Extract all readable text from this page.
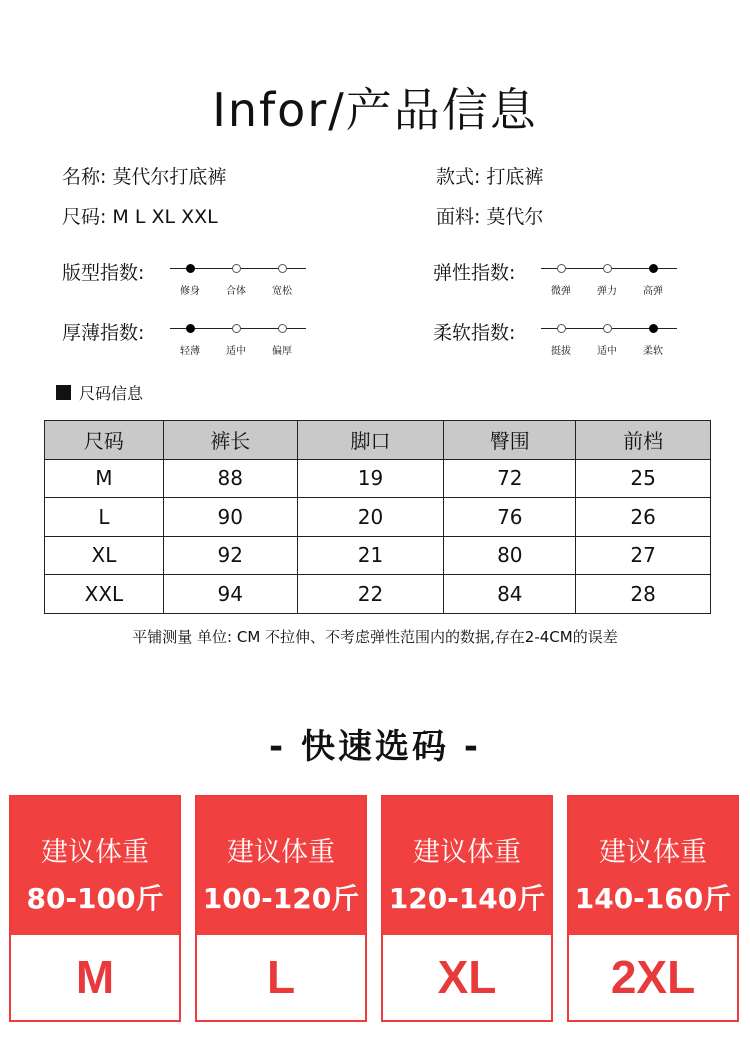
Infor/产品信息
名称: 莫代尔打底裤	款式: 打底裤
尺码: M L XL XXL	面料: 莫代尔
版型指数:
修身	合体	宽松
弹性指数:
微弹	弹力	高弹
厚薄指数:
轻薄	适中	偏厚
柔软指数:
挺拔	适中	柔软
尺码信息
尺码	裤长	脚口	臀围	前档
M	88	19	72	25
L	90	20	76	26
XL	92	21	80	27
XXL	94	22	84	28
平铺测量 单位: CM 不拉伸、不考虑弹性范围内的数据,存在2-4CM的误差
- 快速选码 -
建议体重
80-100斤
M
建议体重
100-120斤
L
建议体重
120-140斤
XL
建议体重
140-160斤
2XL
